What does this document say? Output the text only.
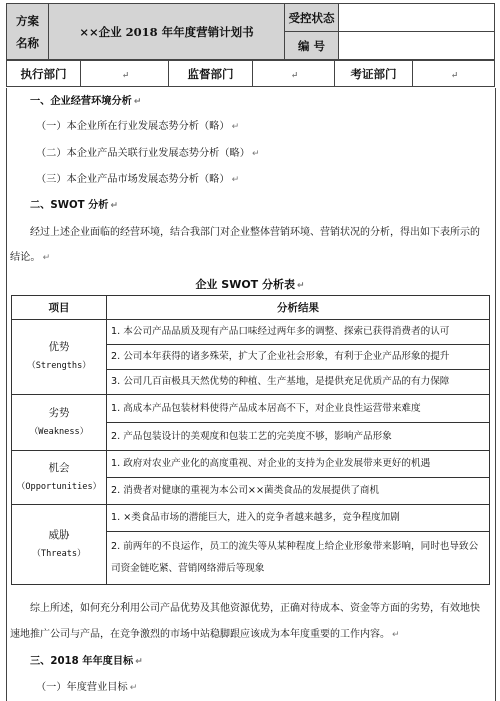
方案
名称	××企业 2018 年年度营销计划书	受控状态	
		编 号	
执行部门	↵	监督部门	↵	考证部门	↵
一、企业经营环境分析 ↵
（一）本企业所在行业发展态势分析（略） ↵
（二）本企业产品关联行业发展态势分析（略） ↵
（三）本企业产品市场发展态势分析（略） ↵
二、SWOT 分析 ↵
经过上述企业面临的经营环境，结合我部门对企业整体营销环境、营销状况的分析，得出如下表所示的
结论。 ↵
企业 SWOT 分析表 ↵
项目	分析结果

优势
（Strengths）	1. 本公司产品品质及现有产品口味经过两年多的调整、探索已获得消费者的认可

	2. 公司本年获得的诸多殊荣，扩大了企业社会形象，有利于企业产品形象的提升

	3. 公司几百亩极具天然优势的种植、生产基地，是提供充足优质产品的有力保障

劣势
（Weakness）	1. 高成本产品包装材料使得产品成本居高不下，对企业良性运营带来难度

	2. 产品包装设计的美观度和包装工艺的完美度不够，影响产品形象

机会
（Opportunities）	1. 政府对农业产业化的高度重视、对企业的支持为企业发展带来更好的机遇

	2. 消费者对健康的重视为本公司××菌类食品的发展提供了商机

威胁
（Threats）	1. ×类食品市场的潜能巨大，进入的竞争者越来越多，竞争程度加剧

	2. 前两年的不良运作，员工的流失等从某种程度上给企业形象带来影响，同时也导致公司资金链吃紧、营销网络滞后等现象
综上所述，如何充分利用公司产品优势及其他资源优势，正确对待成本、资金等方面的劣势，有效地快
速地推广公司与产品，在竞争激烈的市场中站稳脚跟应该成为本年度重要的工作内容。 ↵
三、2018 年年度目标 ↵
（一）年度营业目标 ↵
